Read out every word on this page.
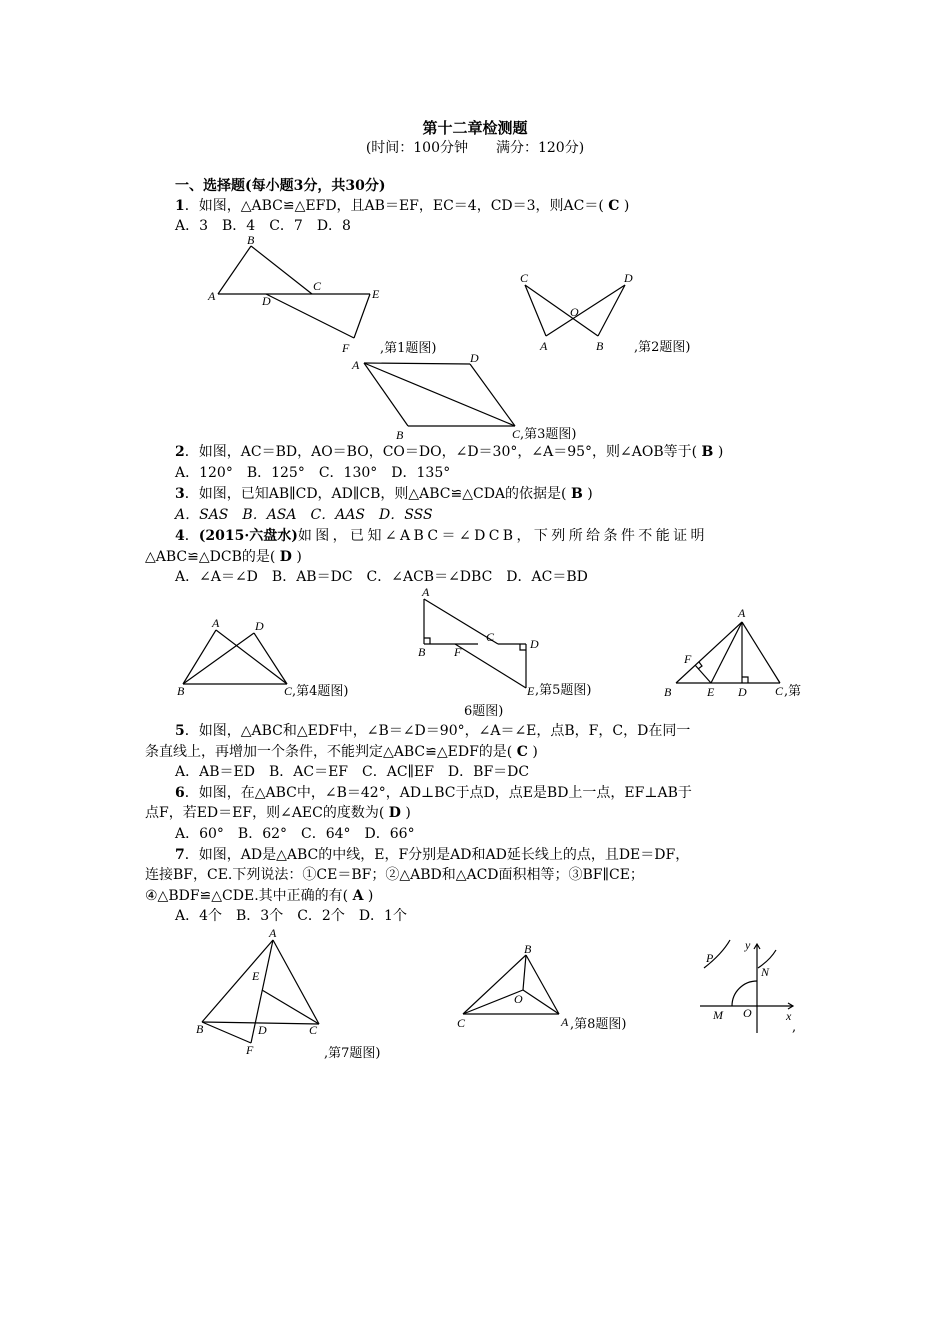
第十二章检测题
(时间：100分钟　　满分：120分)
一、选择题(每小题3分，共30分)
1．如图，△ABC≌△EFD，且AB＝EF，EC＝4，CD＝3，则AC＝( C )
A．3　B．4　C．7　D．8
2．如图，AC＝BD，AO＝BO，CO＝DO，∠D＝30°，∠A＝95°，则∠AOB等于( B )
A．120°　B．125°　C．130°　D．135°
3．如图，已知AB∥CD，AD∥CB，则△ABC≌△CDA的依据是( B )
A．SAS　B．ASA　C．AAS　D．SSS
4．(2015·六盘水)如图，已知∠ABC＝∠DCB，下列所给条件不能证明
△ABC≌△DCB的是( D )
A．∠A＝∠D　B．AB＝DC　C．∠ACB＝∠DBC　D．AC＝BD
5．如图，△ABC和△EDF中，∠B＝∠D＝90°，∠A＝∠E，点B，F，C，D在同一
条直线上，再增加一个条件，不能判定△ABC≌△EDF的是( C )
A．AB＝ED　B．AC＝EF　C．AC∥EF　D．BF＝DC
6．如图，在△ABC中，∠B＝42°，AD⊥BC于点D，点E是BD上一点，EF⊥AB于
点F，若ED＝EF，则∠AEC的度数为( D )
A．60°　B．62°　C．64°　D．66°
7．如图，AD是△ABC的中线，E，F分别是AD和AD延长线上的点，且DE＝DF，
连接BF，CE.下列说法：①CE＝BF；②△ABD和△ACD面积相等；③BF∥CE；
④△BDF≌△CDE.其中正确的有( A )
A．4个　B．3个　C．2个　D．1个
B
A	D
C
E
F ,第1题图)
C	D
O
A	B ,第2题图)
A	D
B	C ,第3题图)
A	D
B	C ,第4题图)
A
C	D
B F
E ,第5题图)
A
F
B	E D C ,第
6题图)
A
E
B	D	C
F	,第7题图)
B
O
C	A ,第8题图)
y
P
N
M O	x
,
